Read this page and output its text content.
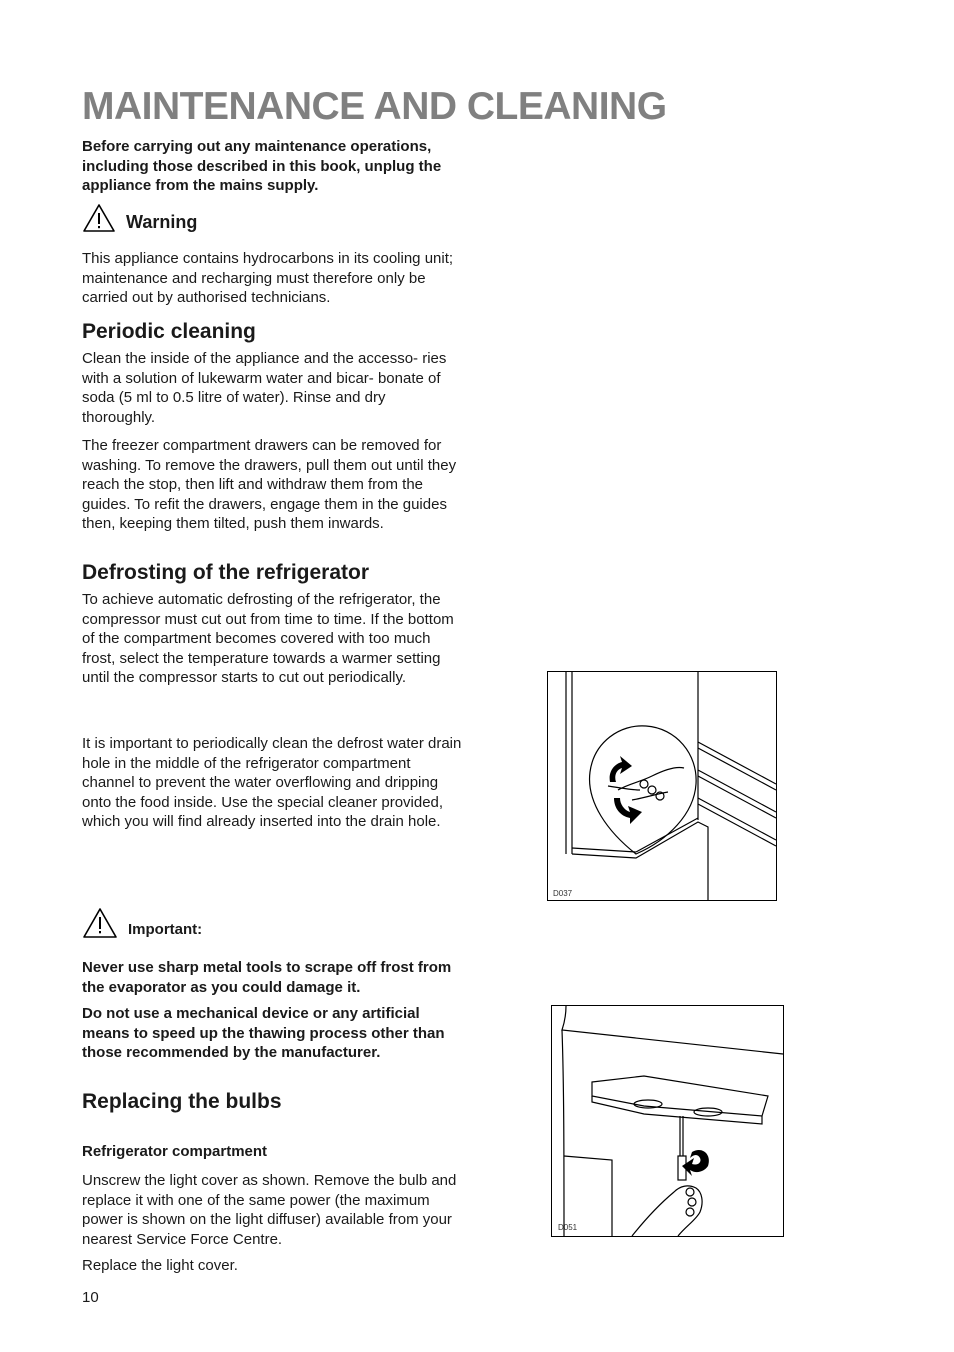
MAINTENANCE AND CLEANING
Before carrying out any maintenance operations, including those described in this book, unplug the appliance from the mains supply.
Warning
This appliance contains hydrocarbons in its cooling unit; maintenance and recharging must therefore only be carried out by authorised technicians.
Periodic cleaning
Clean the inside of the appliance and the accesso- ries with a solution of lukewarm water and bicar- bonate of soda (5 ml to 0.5 litre of water). Rinse and dry thoroughly.
The freezer compartment drawers can be removed for washing. To remove the drawers, pull them out until they reach the stop, then lift and withdraw them from the guides. To refit the drawers, engage them in the guides then, keeping them tilted, push them inwards.
Defrosting of the refrigerator
To achieve automatic defrosting of the refrigerator, the compressor must cut out from time to time. If the bottom of the compartment becomes covered with too much frost, select the temperature towards a warmer setting until the compressor starts to cut out periodically.
It is important to periodically clean the defrost water drain hole in the middle of the refrigerator compartment channel to prevent the water overflowing and dripping onto the food inside. Use the special cleaner provided, which you will find already inserted into the drain hole.
Important:
Never use sharp metal tools to scrape off frost from the evaporator as you could damage it.
Do not use a mechanical device or any artificial means to speed up the thawing process other than those recommended by the manufacturer.
Replacing the bulbs
Refrigerator compartment
Unscrew the light cover as shown. Remove the bulb and replace it with one of the same power (the maximum power is shown on the light diffuser) available from your nearest Service Force Centre.
Replace the light cover.
10
D037
D051
